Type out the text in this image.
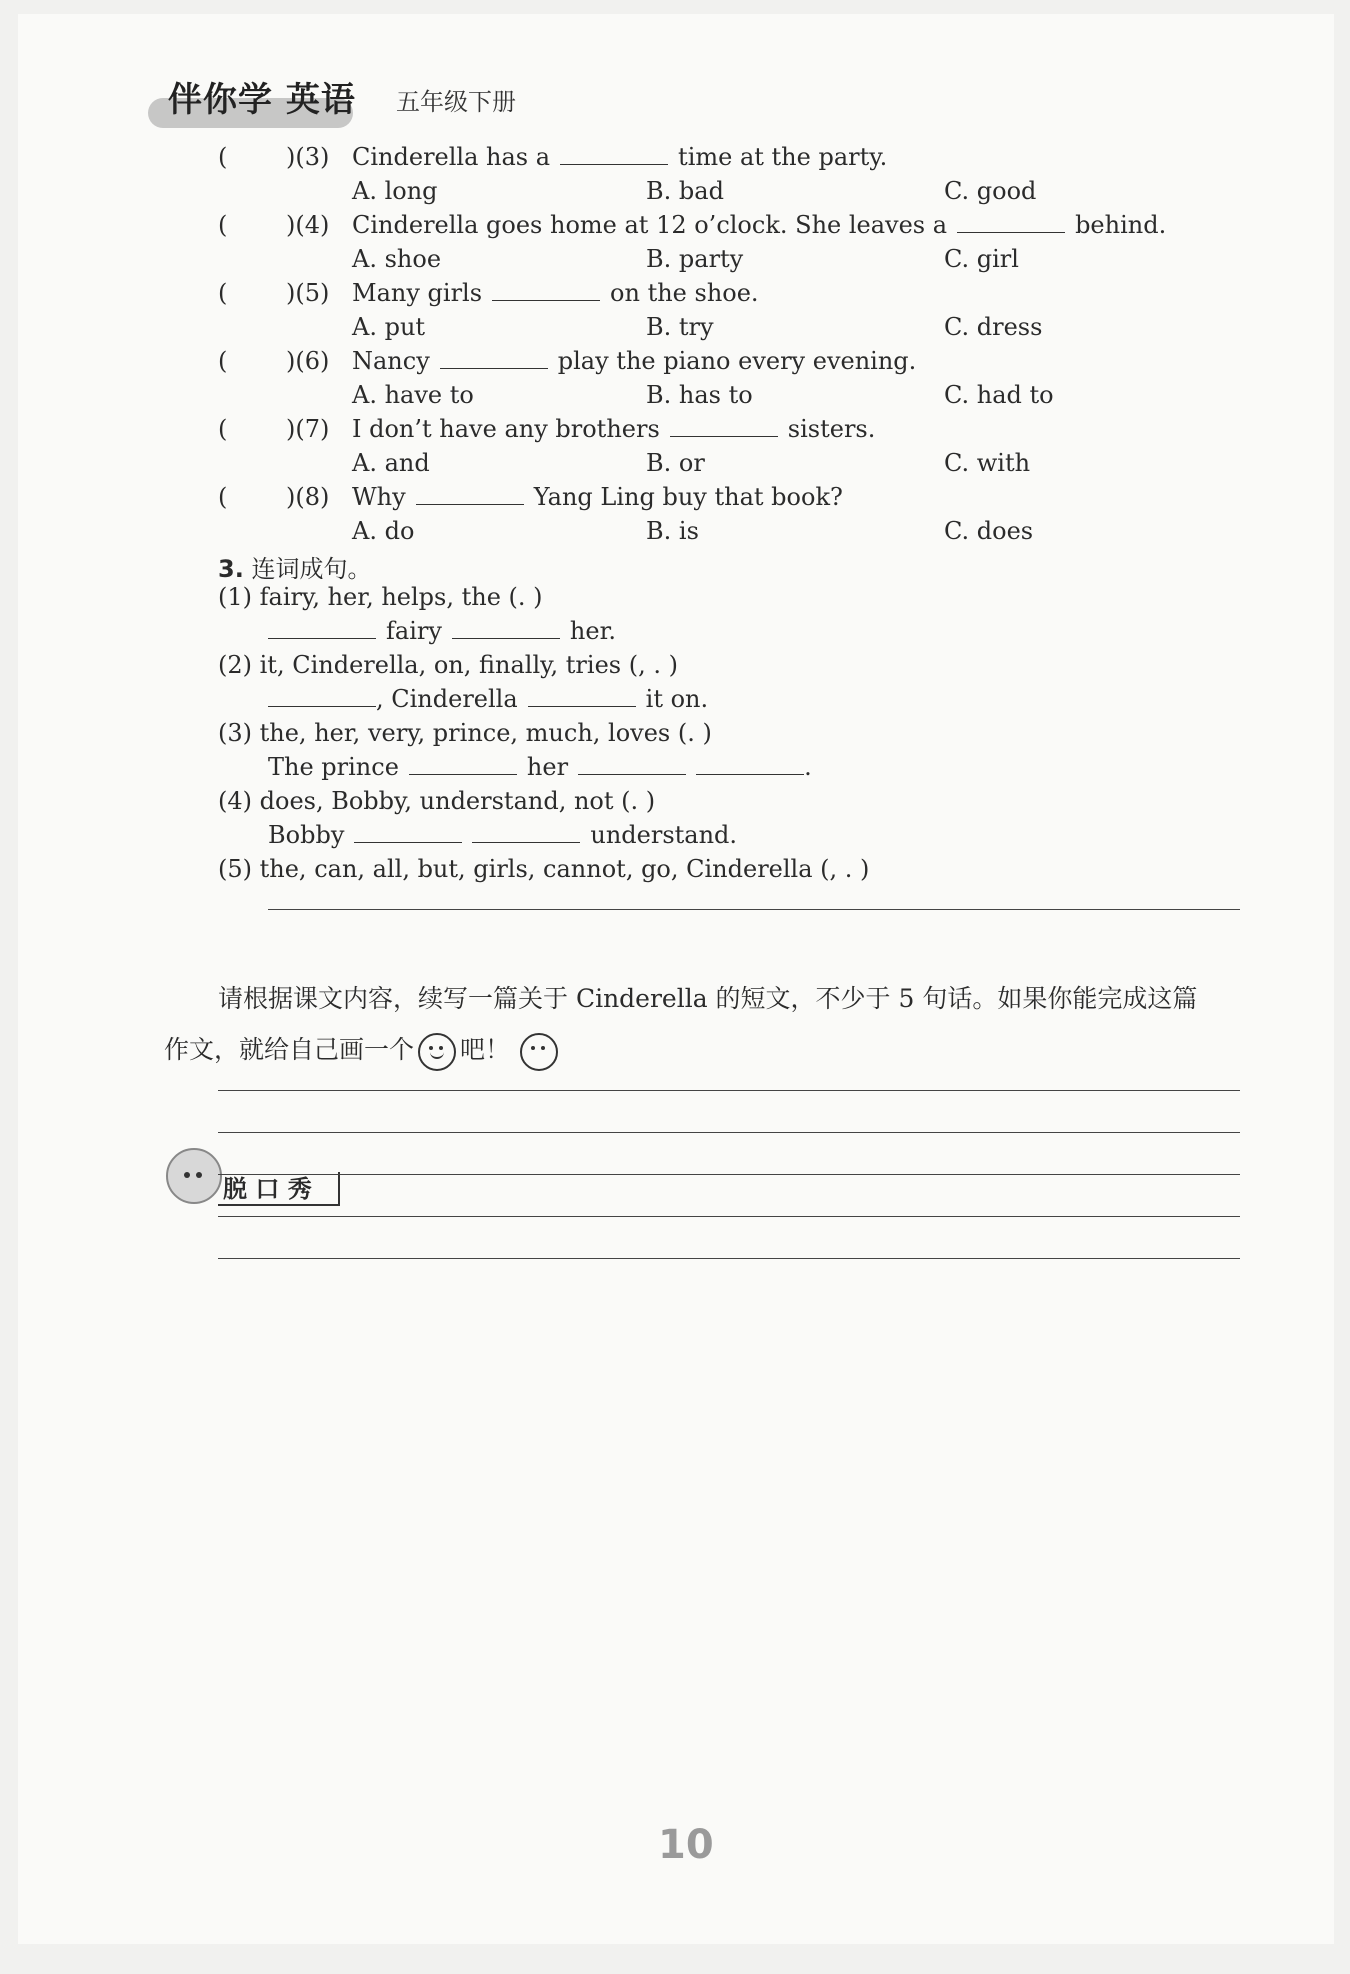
伴你学 英语 五年级下册
( )(3) Cinderella has a	time at the party.
A. long	B. bad	C. good
( )(4) Cinderella goes home at 12 o’clock. She leaves a	behind.
A. shoe	B. party	C. girl
( )(5) Many girls	on the shoe.
A. put	B. try	C. dress
( )(6) Nancy	play the piano every evening.
A. have to	B. has to	C. had to
( )(7) I don’t have any brothers	sisters.
A. and	B. or	C. with
( )(8) Why	Yang Ling buy that book?
A. do	B. is	C. does
3. 连词成句。
(1) fairy, her, helps, the (. )
fairy	her.
(2) it, Cinderella, on, finally, tries (, . )
, Cinderella	it on.
(3) the, her, very, prince, much, loves (. )
The prince	her	.
(4) does, Bobby, understand, not (. )
Bobby	understand.
(5) the, can, all, but, girls, cannot, go, Cinderella (, . )
脱 口 秀
请根据课文内容，续写一篇关于 Cinderella 的短文，不少于 5 句话。如果你能完成这篇
作文，就给自己画一个 吧！
10
